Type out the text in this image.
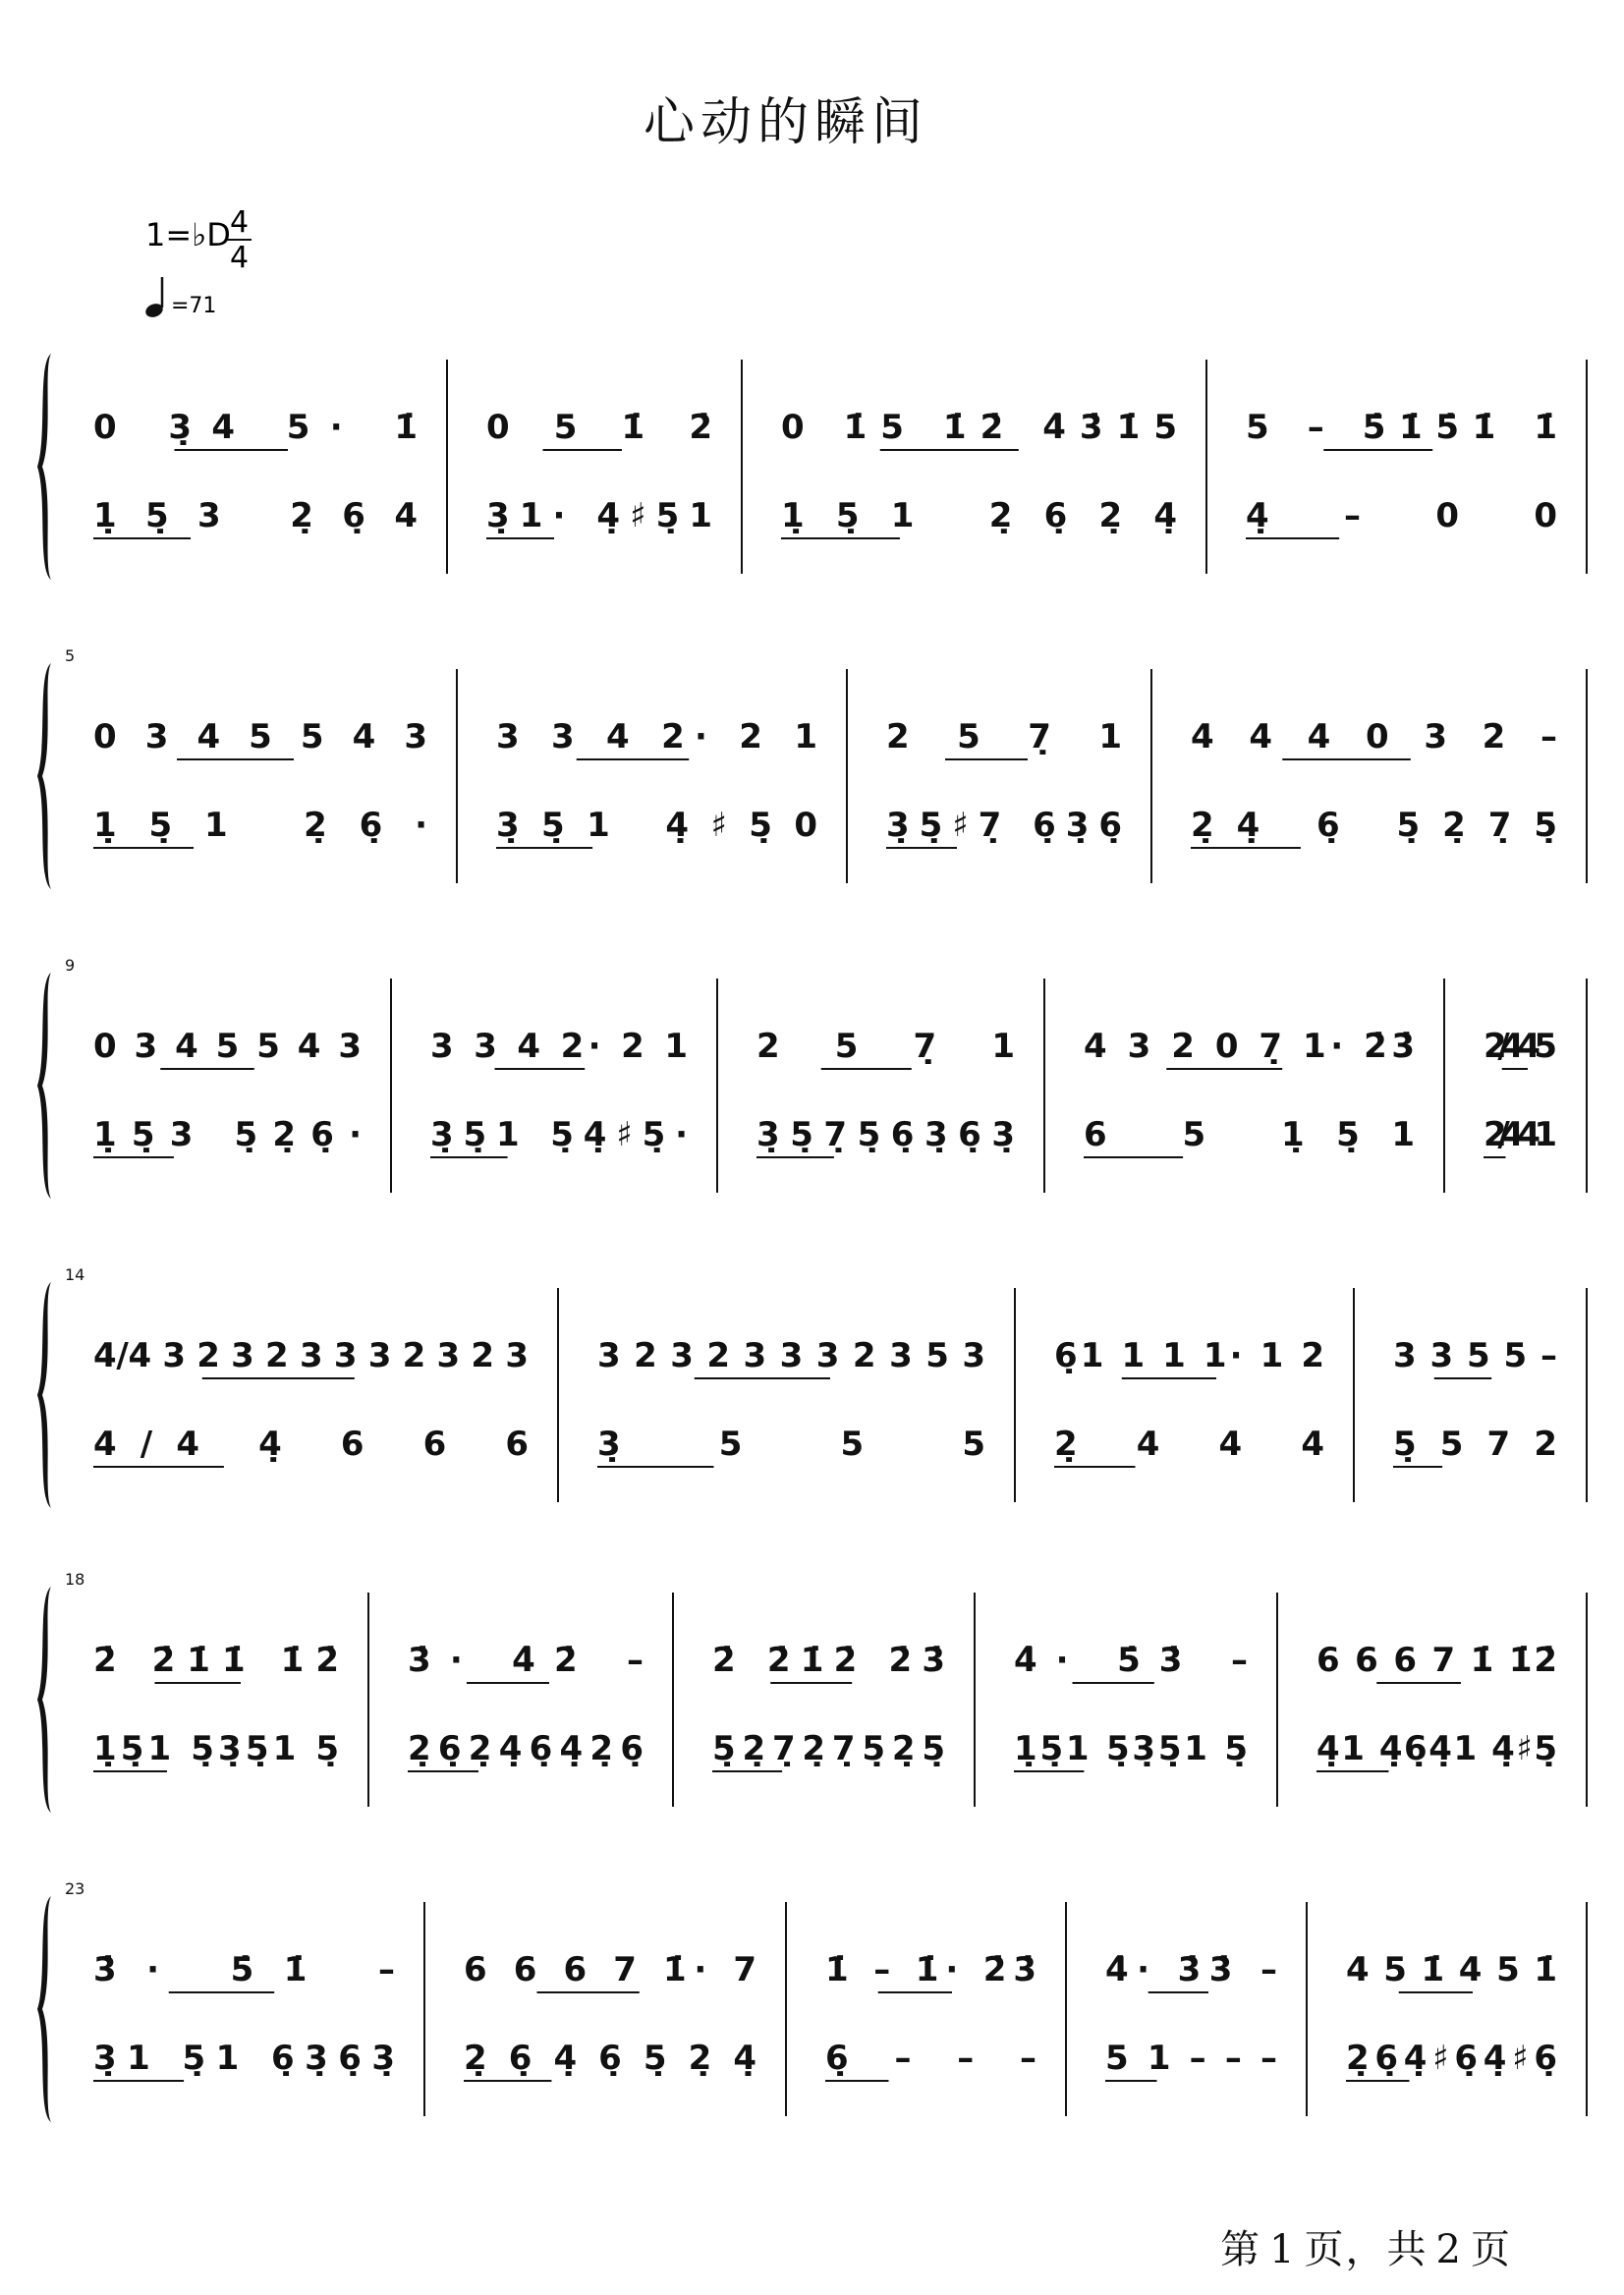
心动的瞬间
1=♭D 4
4
=71
0 3̣4 5· 1̇
1̣5̣3 2̣6̣4
0 5 1̇ 2̇
3̣1· 4̣♯5̣1
0 1̇5 1̇2̇ 4̇3̇1̇5
1̣5̣1 2̣6̣2̣4̣
5 – 5̇1̇5̇1̇ 1̇
4̣ – 0 0
5
0 3 4 5 5 4 3
1̣5̣1 2̣6̣·
3 3 4 2· 2 1
3̣5̣1 4̣♯5̣0
2 5 7̣ 1
3̣5̣♯7̣ 6̣3̣6̣
4 4 4 0 3 2 –
2̣4̣ 6̣ 5̣2̣7̣5̣
9
0 3 4 5 5 4 3
1̣5̣3 5̣2̣6̣·
3 3 4 2· 2 1
3̣5̣1 5̣4̣♯5̣·
2 5 7̣ 1
3̣5̣7̣5̣6̣3̣6̣3̣
4 3 2 0 7̣ 1· 2̇3̇
6 5 1̣5̣1
2/4 4 5
2/4 4 1
14
4/4 3 2 3 2 3 3 3 2 3 2 3
4/4 4̣ 6 6 6
3 2 3 2 3 3 3 2 3 5 3
3̣ 5 5 5
6̣1 1 1 1· 1 2
2̣ 4 4 4
3 3 5 5 –
5̣ 5 7 2
18
2̇ 2̇1̇1̇ 1̇2̇
1̣5̣1 5̣3̣5̣1 5̣
3̇· 4̇2̇ –
2̣6̣2̣4̣6̣4̣2̣6̣
2̇ 2̇1̇2̇ 2̇3̇
5̣2̣7̣2̣7̣5̣2̣5̣
4̇· 5̇3̇ –
1̣5̣1 5̣3̣5̣1 5̣
6 6 6 7 1̇ 1̇2̇
4̣1 4̣6̣4̣1 4̣♯5̣
23
3̇· 5̇1̇ –
3̣1 5̣1 6̣3̣6̣3̣
6 6 6 7 1̇· 7
2̣6̣4̣6̣5̣2̣4̣
1̇ – 1̇· 2̇3̇
6̣ – – –
4̇· 3̇3̇ –
5 1 – – –
4 5 1̇ 4 5 1̇
2̣6̣4̣♯6̣4̣♯6̣
第 1 页，共 2 页
